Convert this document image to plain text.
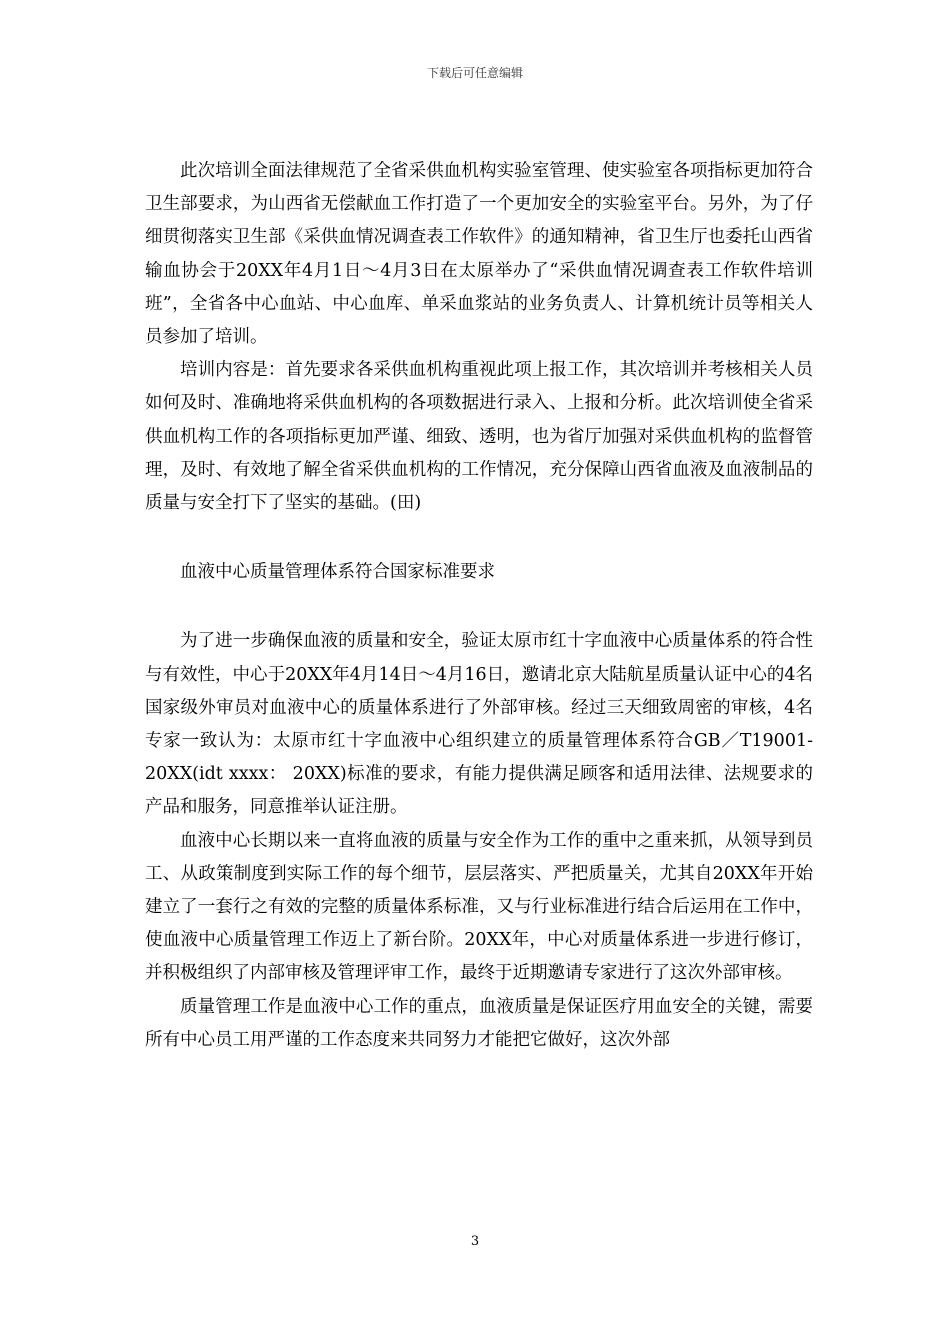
下载后可任意编辑

此次培训全面法律规范了全省采供血机构实验室管理、使实验室各项指标更加符合卫生部要求，为山西省无偿献血工作打造了一个更加安全的实验室平台。另外，为了仔细贯彻落实卫生部《采供血情况调查表工作软件》的通知精神，省卫生厅也委托山西省输血协会于20XX年4月1日～4月3日在太原举办了“采供血情况调查表工作软件培训班”，全省各中心血站、中心血库、单采血浆站的业务负责人、计算机统计员等相关人员参加了培训。

培训内容是：首先要求各采供血机构重视此项上报工作，其次培训并考核相关人员如何及时、准确地将采供血机构的各项数据进行录入、上报和分析。此次培训使全省采供血机构工作的各项指标更加严谨、细致、透明，也为省厅加强对采供血机构的监督管理，及时、有效地了解全省采供血机构的工作情况，充分保障山西省血液及血液制品的质量与安全打下了坚实的基础。(田)

血液中心质量管理体系符合国家标准要求

为了进一步确保血液的质量和安全，验证太原市红十字血液中心质量体系的符合性与有效性，中心于20XX年4月14日～4月16日，邀请北京大陆航星质量认证中心的4名国家级外审员对血液中心的质量体系进行了外部审核。经过三天细致周密的审核，4名专家一致认为：太原市红十字血液中心组织建立的质量管理体系符合GB／T19001-20XX(idt xxxx： 20XX)标准的要求，有能力提供满足顾客和适用法律、法规要求的产品和服务，同意推举认证注册。

血液中心长期以来一直将血液的质量与安全作为工作的重中之重来抓，从领导到员工、从政策制度到实际工作的每个细节，层层落实、严把质量关，尤其自20XX年开始建立了一套行之有效的完整的质量体系标准，又与行业标准进行结合后运用在工作中，使血液中心质量管理工作迈上了新台阶。20XX年，中心对质量体系进一步进行修订，并积极组织了内部审核及管理评审工作，最终于近期邀请专家进行了这次外部审核。

质量管理工作是血液中心工作的重点，血液质量是保证医疗用血安全的关键，需要所有中心员工用严谨的工作态度来共同努力才能把它做好，这次外部

3
